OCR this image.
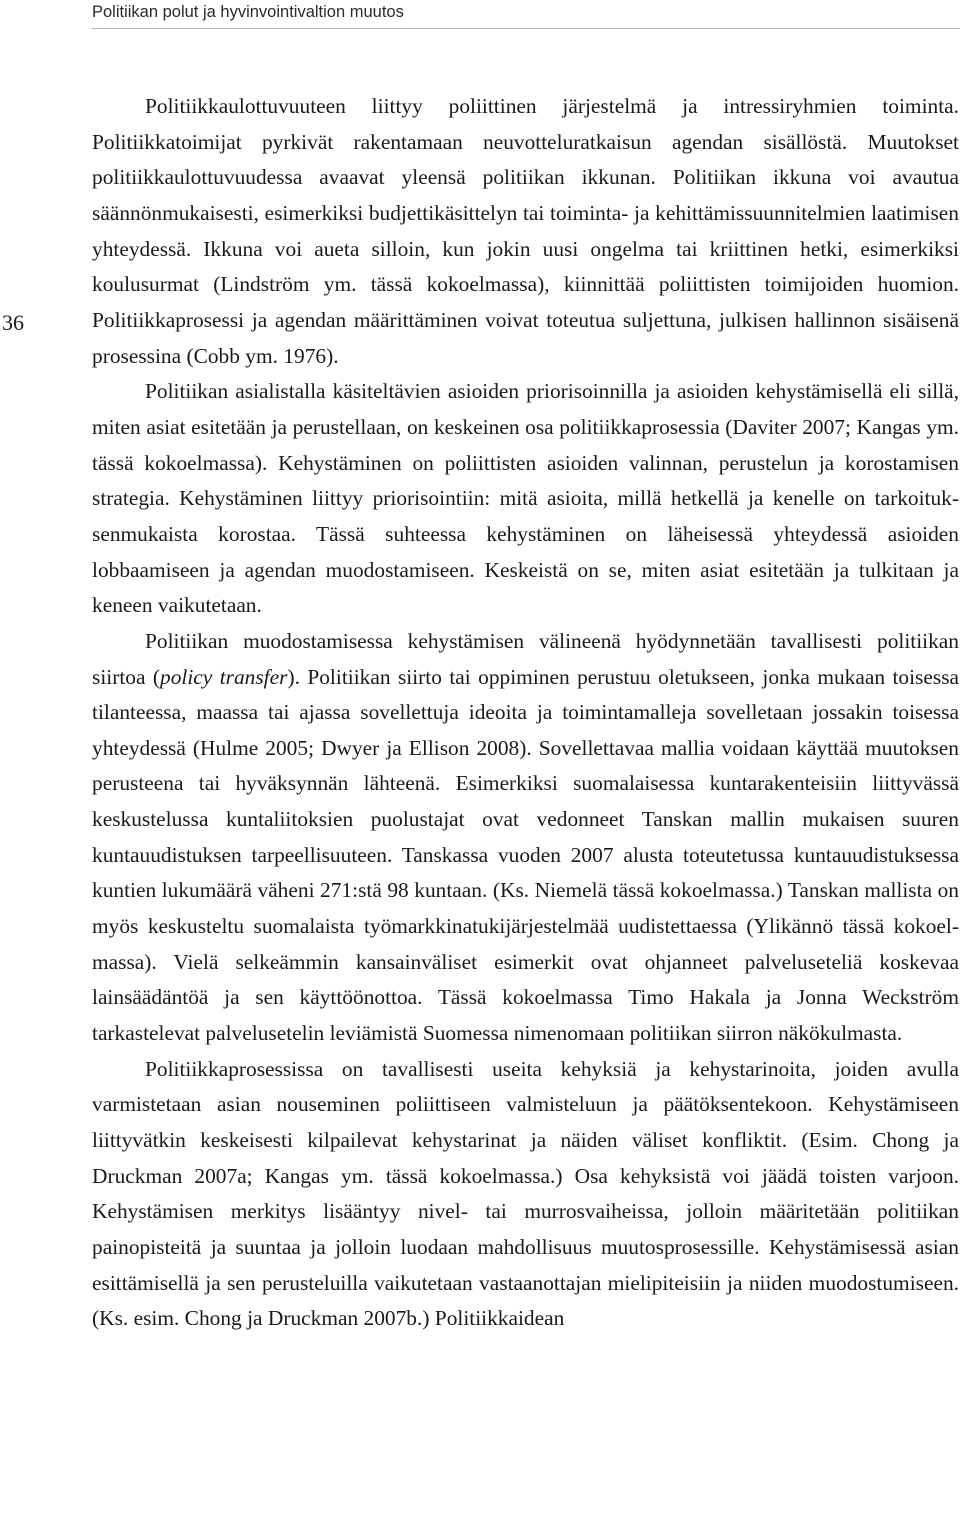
Politiikan polut ja hyvinvointivaltion muutos
36

Politiikkaulottuvuuteen liittyy poliittinen järjestelmä ja intressiryhmien toiminta. Politiikkatoimijat pyrkivät rakentamaan neuvotteluratkaisun agendan sisällöstä. Muutokset politiikkaulottuvuudessa avaavat yleensä politiikan ikkunan. Politiikan ikkuna voi avautua säännönmukaisesti, esimerkiksi budjettikäsittelyn tai toiminta- ja kehittämissuunnitelmien laatimisen yhteydessä. Ikkuna voi aueta silloin, kun jokin uusi ongelma tai kriittinen hetki, esimerkiksi koulusurmat (Lindström ym. tässä kokoelmassa), kiinnittää poliittisten toimijoiden huomion. Politiikkaprosessi ja agendan määrittäminen voivat toteutua suljettuna, julkisen hallinnon sisäisenä prosessina (Cobb ym. 1976).

Politiikan asialistalla käsiteltävien asioiden priorisoinnilla ja asioiden kehystämisellä eli sillä, miten asiat esitetään ja perustellaan, on keskeinen osa politiikkaprosessia (Daviter 2007; Kangas ym. tässä kokoelmassa). Kehystäminen on poliittisten asioiden valinnan, perustelun ja korostamisen strategia. Kehystäminen liittyy priorisointiin: mitä asioita, millä hetkellä ja kenelle on tarkoituksenmukaista korostaa. Tässä suhteessa kehystäminen on läheisessä yhteydessä asioiden lobbaamiseen ja agendan muodostamiseen. Keskeistä on se, miten asiat esitetään ja tulkitaan ja keneen vaikutetaan.

Politiikan muodostamisessa kehystämisen välineenä hyödynnetään tavallisesti politiikan siirtoa (policy transfer). Politiikan siirto tai oppiminen perustuu oletukseen, jonka mukaan toisessa tilanteessa, maassa tai ajassa sovellettuja ideoita ja toimintamalleja sovelletaan jossakin toisessa yhteydessä (Hulme 2005; Dwyer ja Ellison 2008). Sovellettavaa mallia voidaan käyttää muutoksen perusteena tai hyväksynnän lähteenä. Esimerkiksi suomalaisessa kuntarakenteisiin liittyvässä keskustelussa kuntaliitoksien puolustajat ovat vedonneet Tanskan mallin mukaisen suuren kuntauudistuksen tarpeellisuuteen. Tanskassa vuoden 2007 alusta toteutetussa kuntauudistuksessa kuntien lukumäärä väheni 271:stä 98 kuntaan. (Ks. Niemelä tässä kokoelmassa.) Tanskan mallista on myös keskusteltu suomalaista työmarkkinatukijärjestelmää uudistettaessa (Ylikännö tässä kokoelmassa). Vielä selkeämmin kansainväliset esimerkit ovat ohjanneet palveluseteliä koskevaa lainsäädäntöä ja sen käyttöönottoa. Tässä kokoelmassa Timo Hakala ja Jonna Weckström tarkastelevat palvelusetelin leviämistä Suomessa nimenomaan politiikan siirron näkökulmasta.

Politiikkaprosessissa on tavallisesti useita kehyksiä ja kehystarinoita, joiden avulla varmistetaan asian nouseminen poliittiseen valmisteluun ja päätöksentekoon. Kehystämiseen liittyvätkin keskeisesti kilpailevat kehystarinat ja näiden väliset konfliktit. (Esim. Chong ja Druckman 2007a; Kangas ym. tässä kokoelmassa.) Osa kehyksistä voi jäädä toisten varjoon. Kehystämisen merkitys lisääntyy nivel- tai murrosvaiheissa, jolloin määritetään politiikan painopisteitä ja suuntaa ja jolloin luodaan mahdollisuus muutosprosessille. Kehystämisessä asian esittämisellä ja sen perusteluilla vaikutetaan vastaanottajan mielipiteisiin ja niiden muodostumiseen. (Ks. esim. Chong ja Druckman 2007b.) Politiikkaidean
